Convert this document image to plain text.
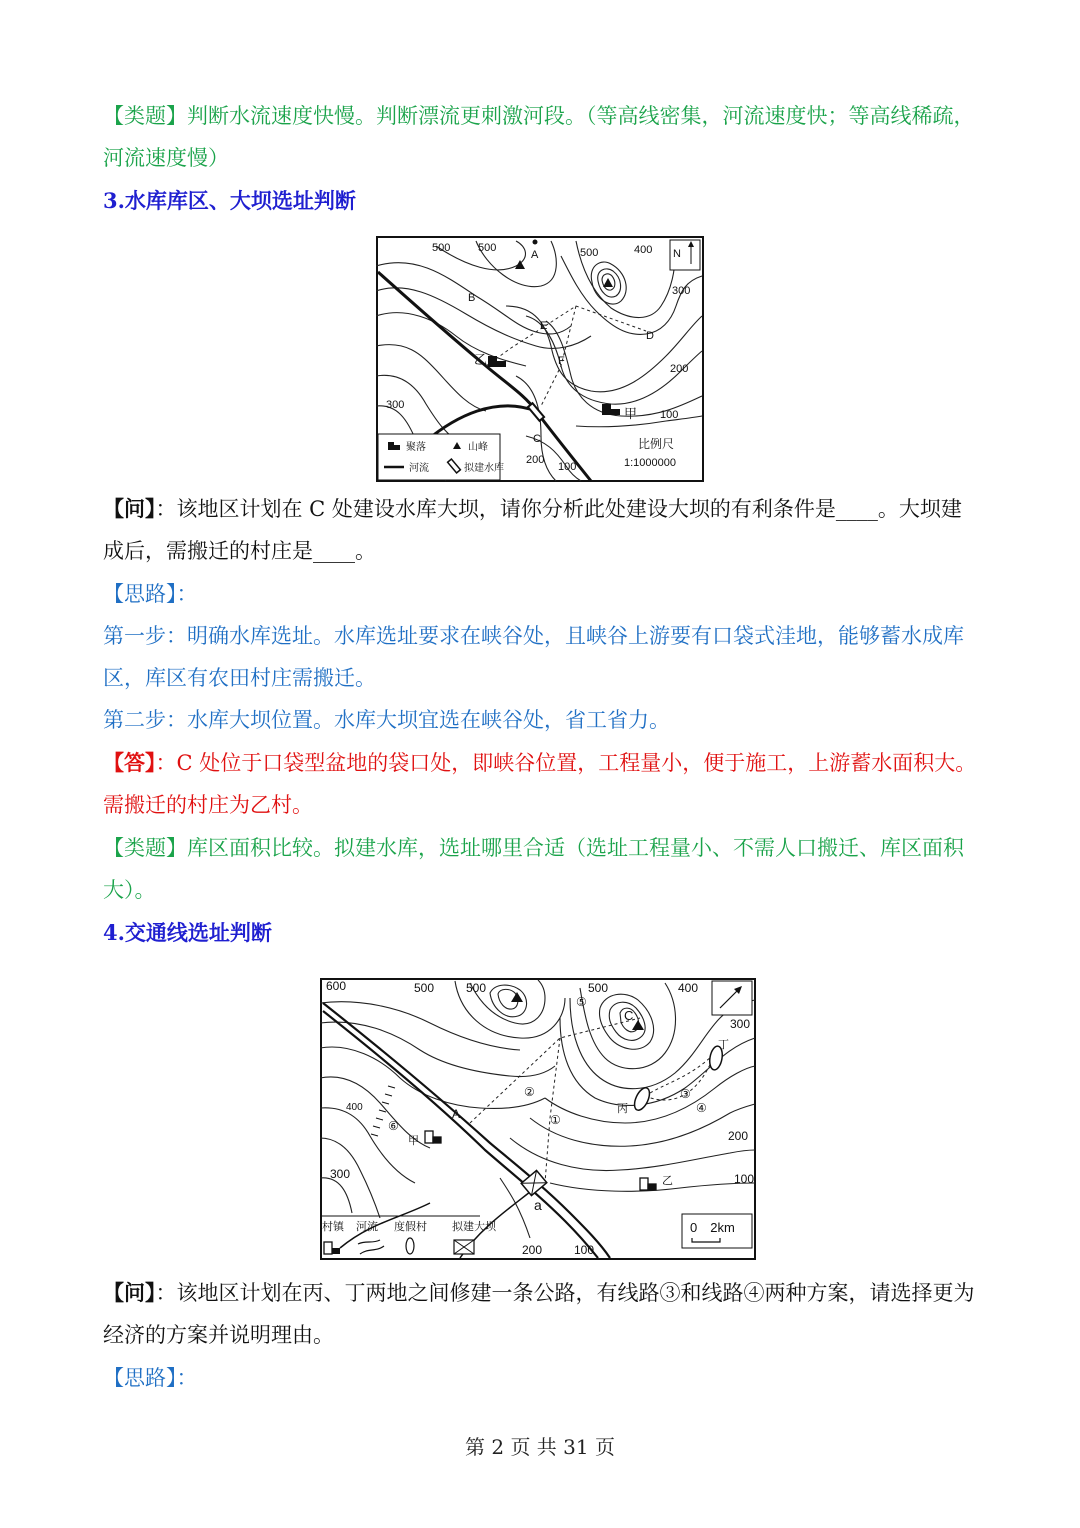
【类题】判断水流速度快慢。判断漂流更刺激河段。（等高线密集，河流速度快；等高线稀疏，河流速度慢）
3.水库库区、大坝选址判断
N
500	500	500	400
300
200
100
300
200
100
A
B
E
F
D
C
乙
甲
比例尺
1:1000000
聚落	山峰
河流	拟建水库
【问】：该地区计划在 C 处建设水库大坝，请你分析此处建设大坝的有利条件是____。大坝建成后，需搬迁的村庄是____。
【思路】：
第一步：明确水库选址。水库选址要求在峡谷处，且峡谷上游要有口袋式洼地，能够蓄水成库区，库区有农田村庄需搬迁。
第二步：水库大坝位置。水库大坝宜选在峡谷处，省工省力。
【答】：C 处位于口袋型盆地的袋口处，即峡谷位置，工程量小，便于施工，上游蓄水面积大。需搬迁的村庄为乙村。
【类题】库区面积比较。拟建水库，选址哪里合适（选址工程量小、不需人口搬迁、库区面积大）。
4.交通线选址判断
600	500	500	500	400
300
400
300
200
100
200	100
A
C
a
丙
丁
①
②	③
④
⑤
⑥
甲
乙
0　2km
村镇 河流 度假村 拟建大坝
【问】：该地区计划在丙、丁两地之间修建一条公路，有线路③和线路④两种方案，请选择更为经济的方案并说明理由。
【思路】：
第 2 页 共 31 页
